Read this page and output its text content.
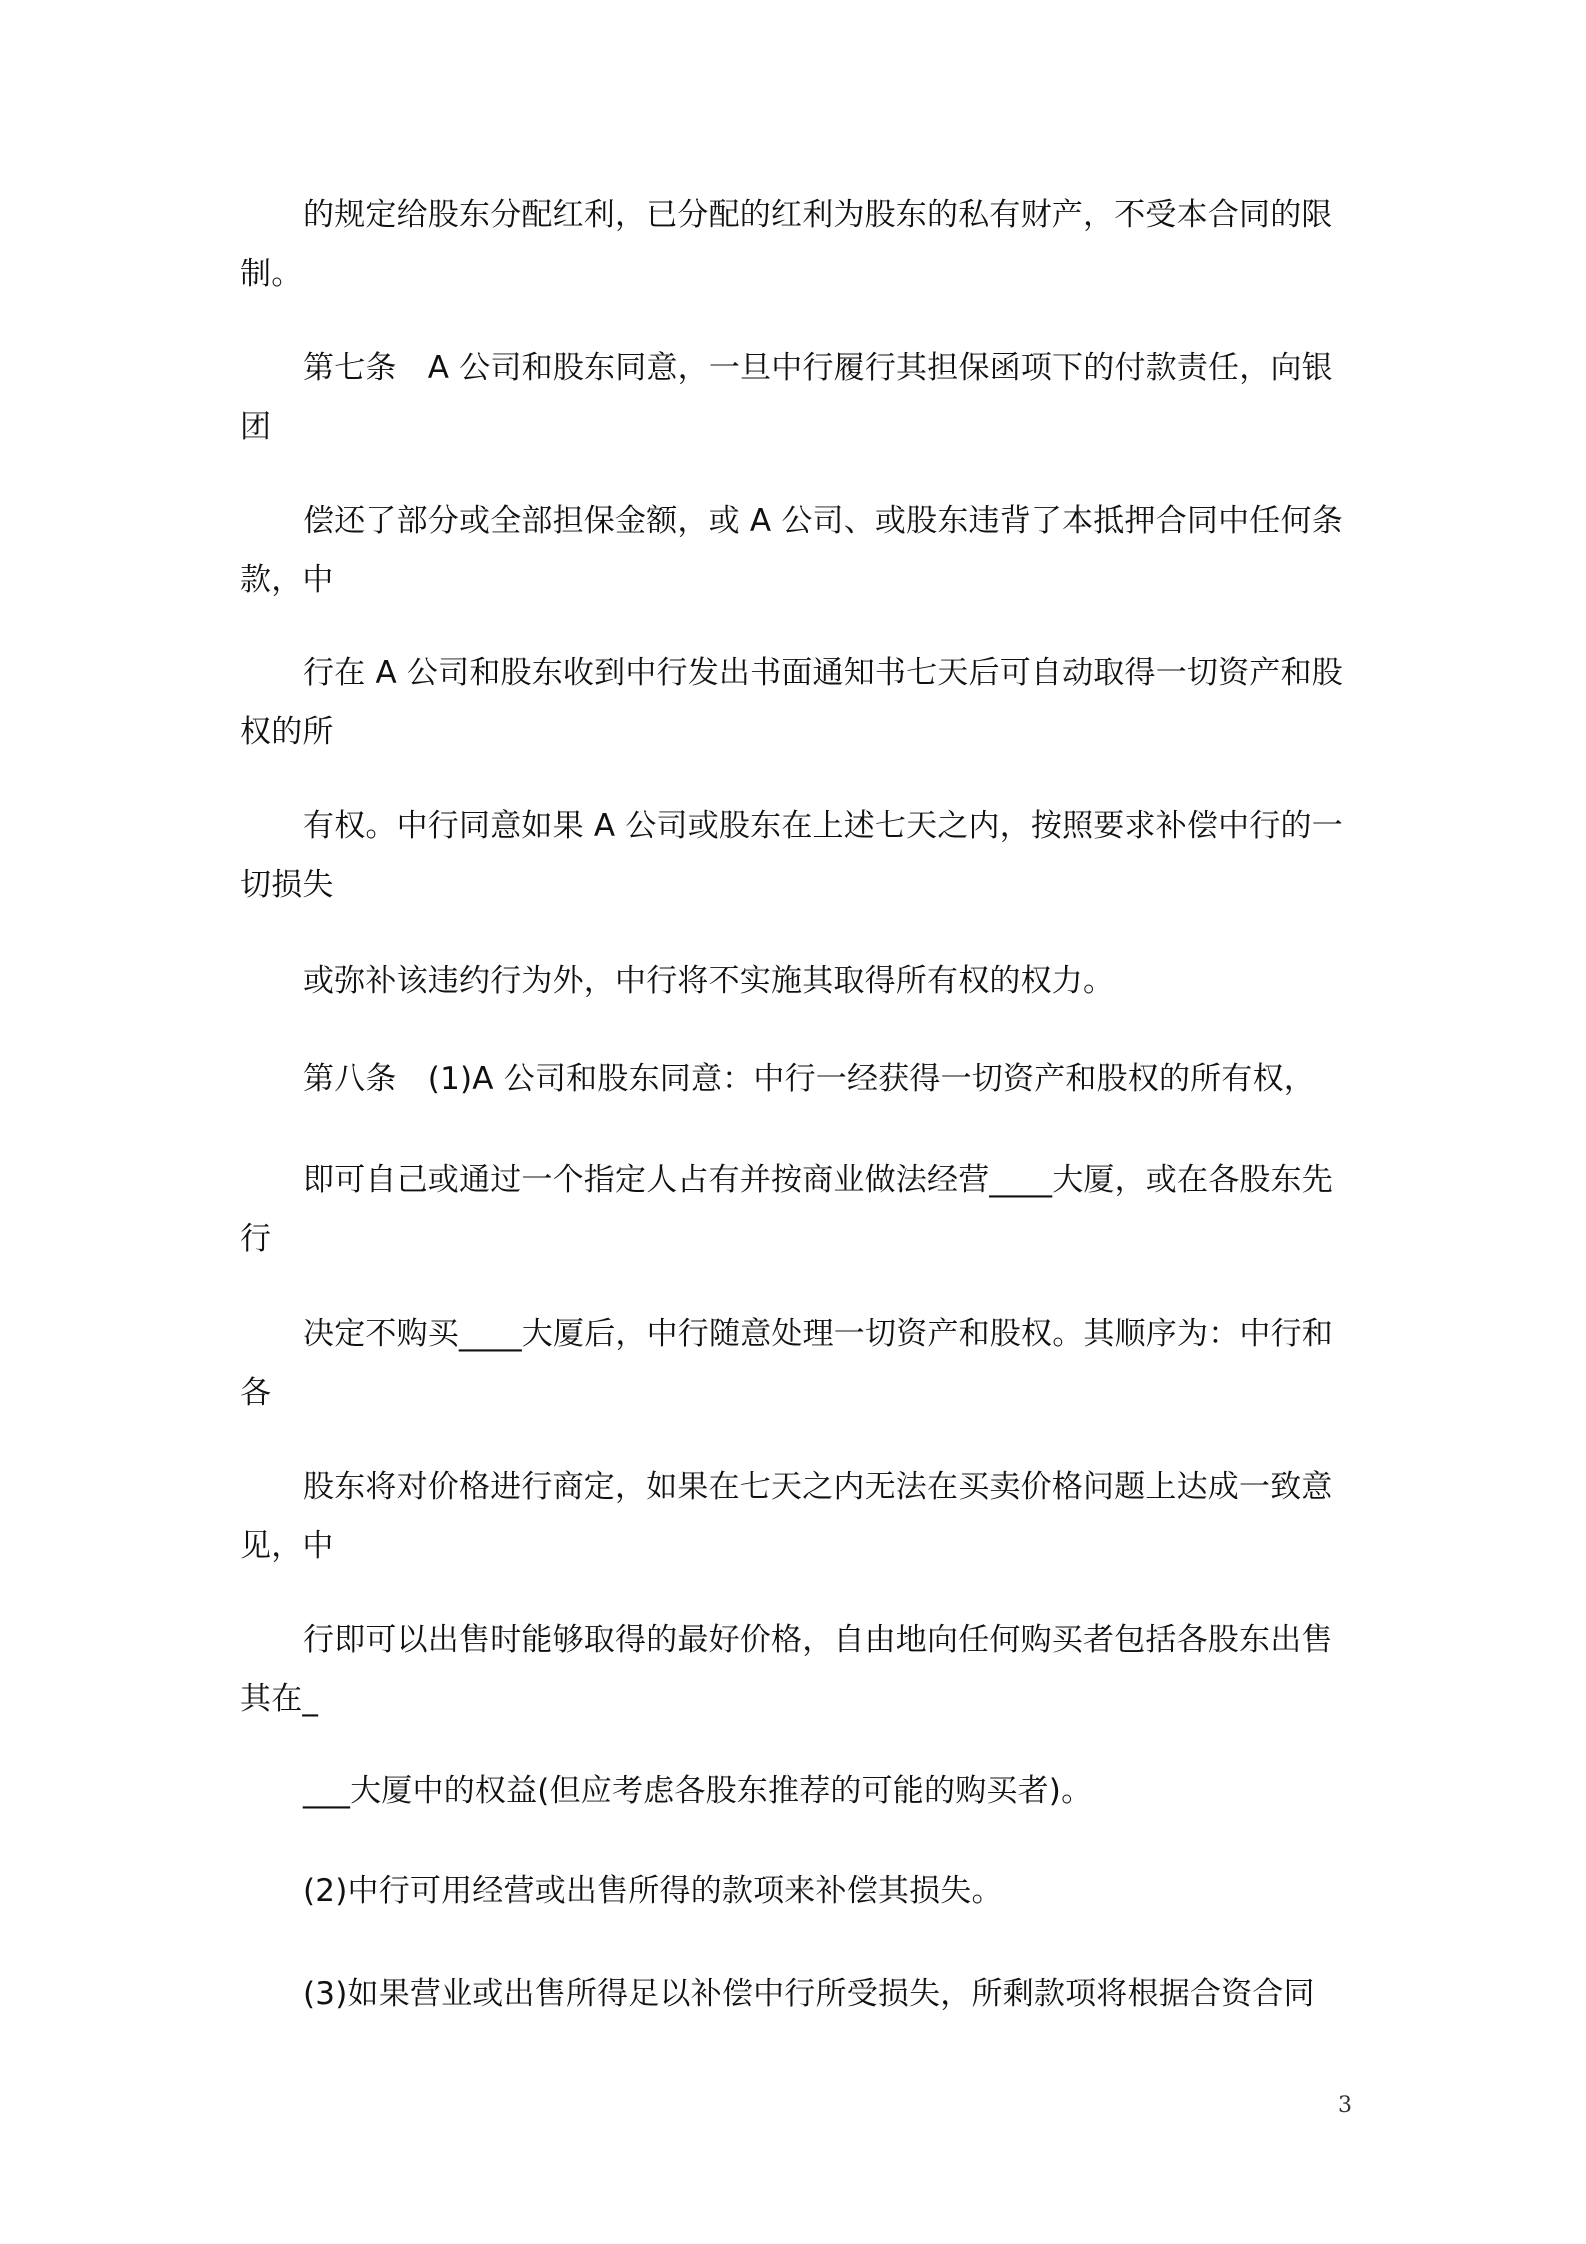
的规定给股东分配红利，已分配的红利为股东的私有财产，不受本合同的限制。

第七条　A 公司和股东同意，一旦中行履行其担保函项下的付款责任，向银团

偿还了部分或全部担保金额，或 A 公司、或股东违背了本抵押合同中任何条款，中

行在 A 公司和股东收到中行发出书面通知书七天后可自动取得一切资产和股权的所

有权。中行同意如果 A 公司或股东在上述七天之内，按照要求补偿中行的一切损失

或弥补该违约行为外，中行将不实施其取得所有权的权力。

第八条　(1)A 公司和股东同意：中行一经获得一切资产和股权的所有权，

即可自己或通过一个指定人占有并按商业做法经营____大厦，或在各股东先行

决定不购买____大厦后，中行随意处理一切资产和股权。其顺序为：中行和各

股东将对价格进行商定，如果在七天之内无法在买卖价格问题上达成一致意见，中

行即可以出售时能够取得的最好价格，自由地向任何购买者包括各股东出售其在_

___大厦中的权益(但应考虑各股东推荐的可能的购买者)。

(2)中行可用经营或出售所得的款项来补偿其损失。

(3)如果营业或出售所得足以补偿中行所受损失，所剩款项将根据合资合同

3
